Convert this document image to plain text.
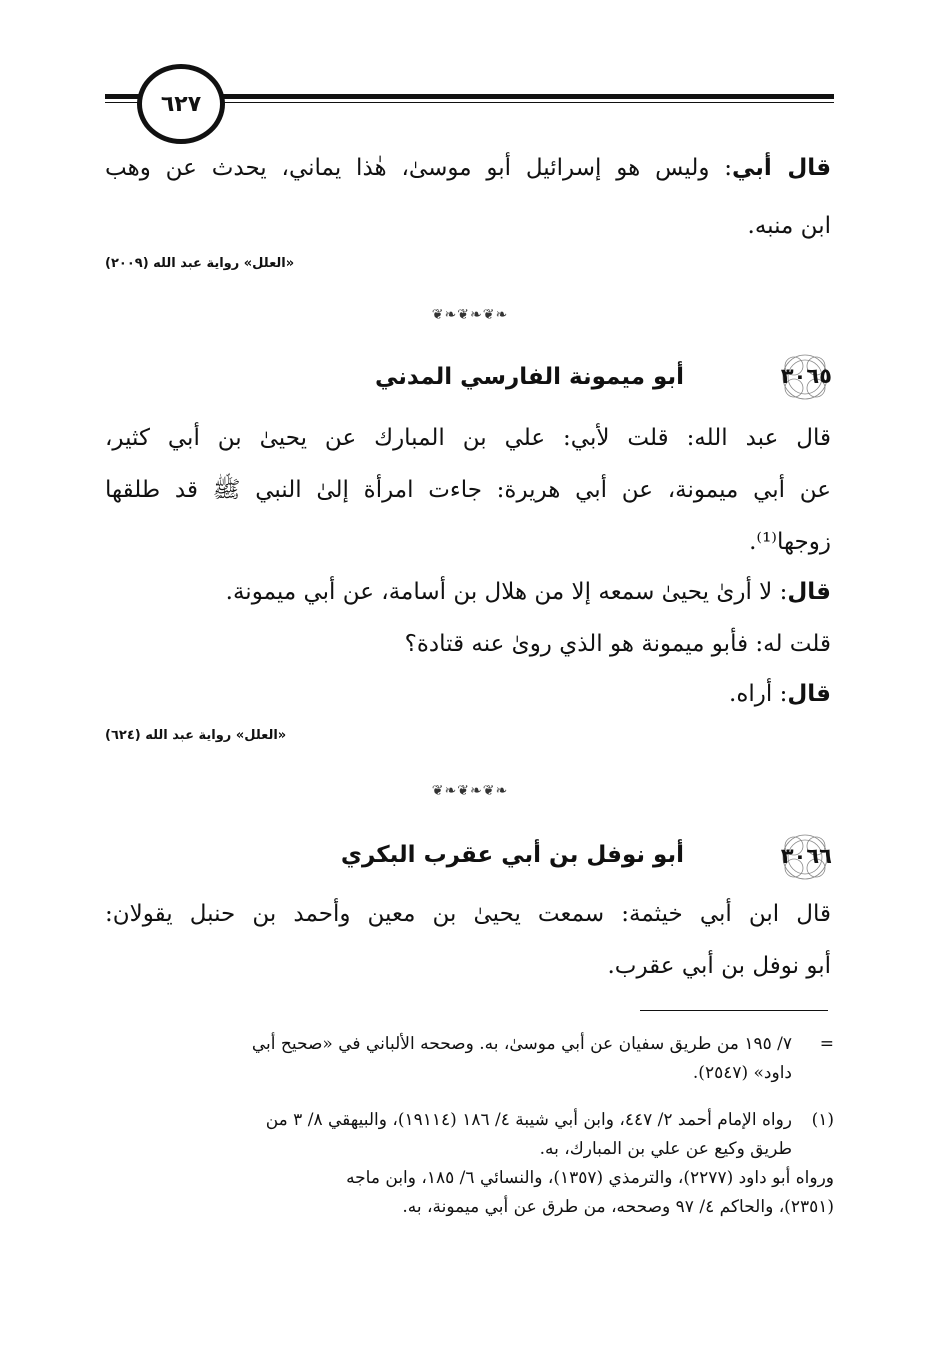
٦٢٧
قال أبي: وليس هو إسرائيل أبو موسىٰ، هٰذا يماني، يحدث عن وهب
ابن منبه.
«العلل» رواية عبد الله (٢٠٠٩)
❦❧❦❧❦❧
٣٠٦٥
أبو ميمونة الفارسي المدني
قال عبد الله: قلت لأبي: علي بن المبارك عن يحيىٰ بن أبي كثير،
عن أبي ميمونة، عن أبي هريرة: جاءت امرأة إلىٰ النبي ﷺ قد طلقها
زوجها⁽¹⁾.
قال: لا أرىٰ يحيىٰ سمعه إلا من هلال بن أسامة، عن أبي ميمونة.
قلت له: فأبو ميمونة هو الذي روىٰ عنه قتادة؟
قال: أراه.
«العلل» رواية عبد الله (٦٢٤)
❦❧❦❧❦❧
٣٠٦٦
أبو نوفل بن أبي عقرب البكري
قال ابن أبي خيثمة: سمعت يحيىٰ بن معين وأحمد بن حنبل يقولان:
أبو نوفل بن أبي عقرب.
=
٧/ ١٩٥ من طريق سفيان عن أبي موسىٰ، به. وصححه الألباني في «صحيح أبي
داود» (٢٥٤٧).
(١)
رواه الإمام أحمد ٢/ ٤٤٧، وابن أبي شيبة ٤/ ١٨٦ (١٩١١٤)، والبيهقي ٨/ ٣ من
طريق وكيع عن علي بن المبارك، به.
ورواه أبو داود (٢٢٧٧)، والترمذي (١٣٥٧)، والنسائي ٦/ ١٨٥، وابن ماجه
(٢٣٥١)، والحاكم ٤/ ٩٧ وصححه، من طرق عن أبي ميمونة، به.
